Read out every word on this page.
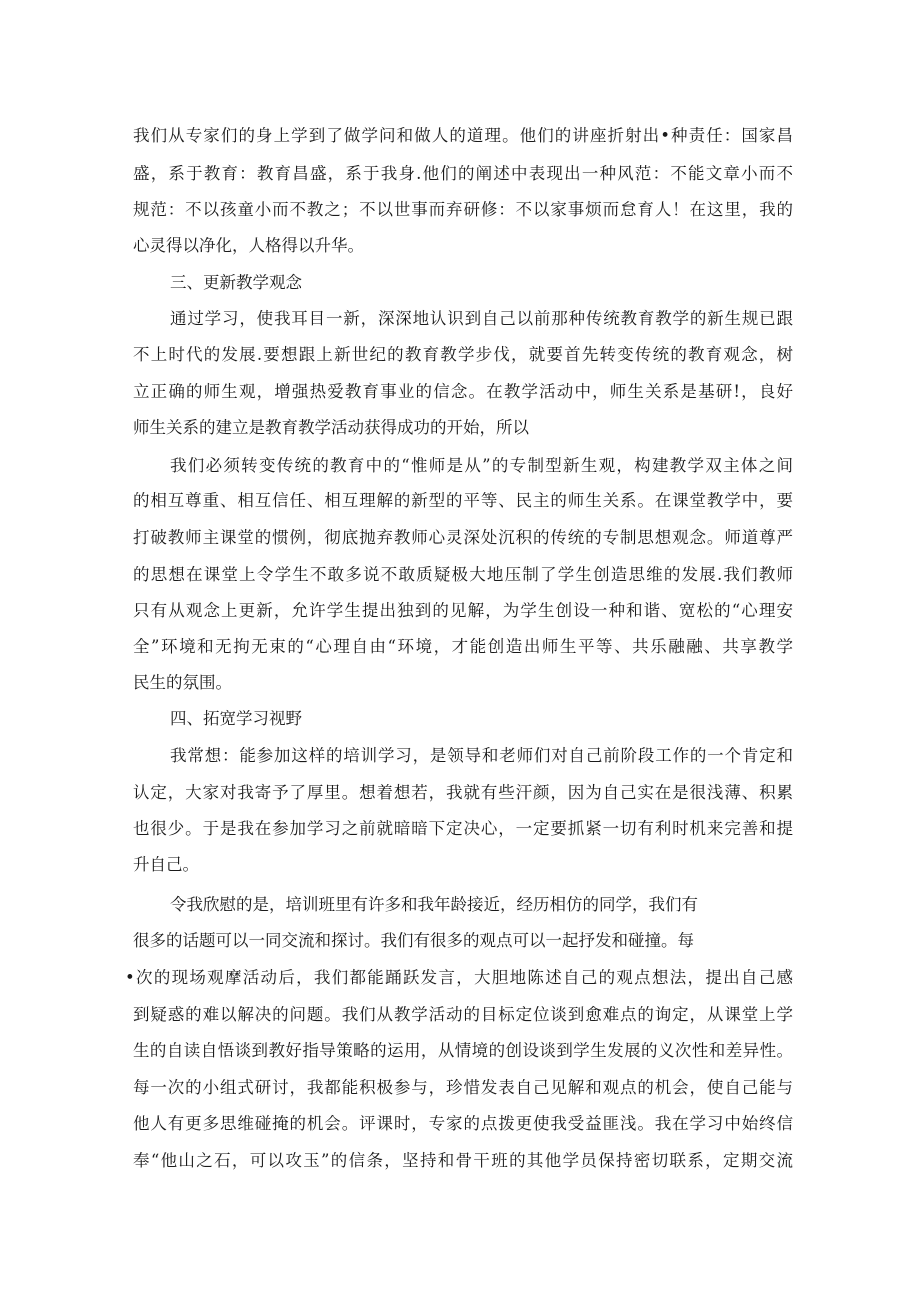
我们从专家们的身上学到了做学问和做人的道理。他们的讲座折射出•种责任：国家昌
盛，系于教育：教育昌盛，系于我身.他们的阐述中表现出一种风范：不能文章小而不
规范：不以孩童小而不教之；不以世事而弃研修：不以家事烦而怠育人！在这里，我的
心灵得以净化，人格得以升华。
三、更新教学观念
通过学习，使我耳目一新，深深地认识到自己以前那种传统教育教学的新生规已跟
不上时代的发展.要想跟上新世纪的教育教学步伐，就要首先转变传统的教育观念，树
立正确的师生观，增强热爱教育事业的信念。在教学活动中，师生关系是基研!，良好
师生关系的建立是教育教学活动获得成功的开始，所以
我们必须转变传统的教育中的“惟师是从”的专制型新生观，构建教学双主体之间
的相互尊重、相互信任、相互理解的新型的平等、民主的师生关系。在课堂教学中，要
打破教师主课堂的惯例，彻底抛弃教师心灵深处沉积的传统的专制思想观念。师道尊严
的思想在课堂上令学生不敢多说不敢质疑极大地压制了学生创造思维的发展.我们教师
只有从观念上更新，允许学生提出独到的见解，为学生创设一种和谐、宽松的“心理安
全”环境和无拘无束的“心理自由“环境，才能创造出师生平等、共乐融融、共享教学
民生的氛围。
四、拓宽学习视野
我常想：能参加这样的培训学习，是领导和老师们对自己前阶段工作的一个肯定和
认定，大家对我寄予了厚里。想着想若，我就有些汗颜，因为自己实在是很浅薄、积累
也很少。于是我在参加学习之前就暗暗下定决心，一定要抓紧一切有利时机来完善和提
升自己。
令我欣慰的是，培训班里有许多和我年龄接近，经历相仿的同学，我们有
很多的话题可以一同交流和探讨。我们有很多的观点可以一起抒发和碰撞。每
•次的现场观摩活动后，我们都能踊跃发言，大胆地陈述自己的观点想法，提出自己感
到疑惑的难以解决的问题。我们从教学活动的目标定位谈到愈难点的询定，从课堂上学
生的自读自悟谈到教好指导策略的运用，从情境的创设谈到学生发展的义次性和差异性。
每一次的小组式研讨，我都能积极参与，珍惜发表自己见解和观点的机会，使自己能与
他人有更多思维碰掩的机会。评课时，专家的点拨更使我受益匪浅。我在学习中始终信
奉“他山之石，可以攻玉”的信条，坚持和骨干班的其他学员保持密切联系，定期交流
